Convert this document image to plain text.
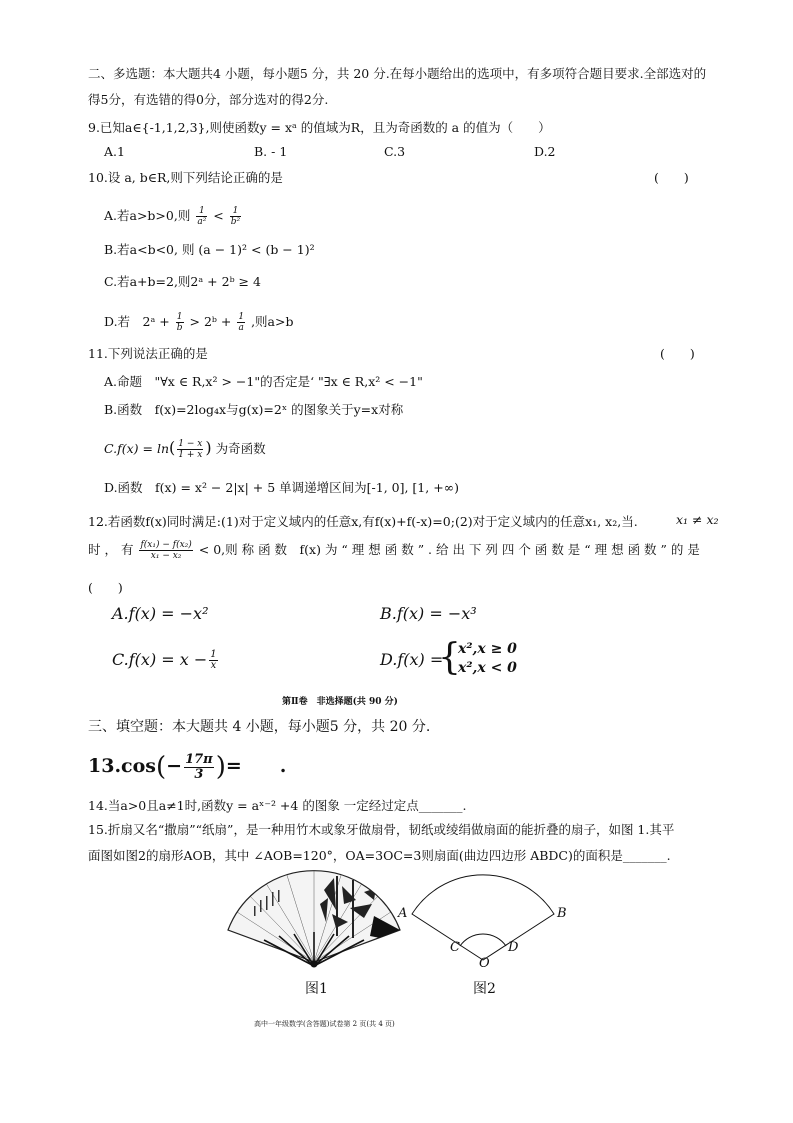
二、多选题：本大题共4 小题，每小题5 分，共 20 分.在每小题给出的选项中，有多项符合题目要求.全部选对的
得5分，有选错的得0分，部分选对的得2分.
9.已知a∈{-1,1,2,3},则使函数y = xᵃ 的值域为R，且为奇函数的 a 的值为（　　）
A.1	B. - 1	C.3	D.2
10.设 a, b∈R,则下列结论正确的是	(　　)
A.若a>b>0,则 $\frac{1}{\text{a²}} < \frac{1}{\text{b²}}$
B.若a<b<0, 则 (a − 1)² < (b − 1)²
C.若a+b=2,则2ᵃ + 2ᵇ ≥ 4
D.若　2ᵃ + $\frac{1}{b}$ > 2ᵇ + $\frac{1}{a}$ ,则a>b
11.下列说法正确的是	(　　)
A.命题　"∀x ∈ R,x² > −1"的否定是‘ "∃x ∈ R,x² < −1"
B.函数　f(x)=2log₄x与g(x)=2ˣ 的图象关于y=x对称
$C.f(x) = \ln( \frac{1 - x}{1 + x}$ ) 为奇函数
D.函数　f(x) = x² − 2|x| + 5 单调递增区间为[-1, 0], [1, +∞)
12.若函数f(x)同时满足:(1)对于定义域内的任意x,有f(x)+f(-x)=0;(2)对于定义域内的任意x₁, x₂,当.	x₁ ≠ x₂
时 ， 有 $\frac{\text{f(x₁) − f(x₂)}}{\text{x₁ − x₂}} < 0$,则 称 函 数　f(x) 为 “ 理 想 函 数 ” . 给 出 下 列 四 个 函 数 是 “ 理 想 函 数 ” 的 是
(　　)
A.f(x) = −x²	B.f(x) = −x³
$C.f(x) = x - \frac{1}{x}$	D.f(x) =
{
x²,x ≥ 0
x²,x < 0
第Ⅱ卷　非选择题(共 90 分)
三、填空题：本大题共 4 小题，每小题5 分，共 20 分.
$13.\cos(- \frac{17\pi}{3}$ )=　　.
14.当a>0且a≠1时,函数y = aˣ⁻² +4 的图象 一定经过定点_______.
15.折扇又名“撒扇”“纸扇”，是一种用竹木或象牙做扇骨，韧纸或绫绢做扇面的能折叠的扇子，如图 1.其平
面图如图2的扇形AOB，其中 ∠AOB=120°，OA=3OC=3则扇面(曲边四边形 ABDC)的面积是_______.
图1
A	B
C	D
O
图2
高中一年级数学(含答题)试卷第 2 页(共 4 页)
